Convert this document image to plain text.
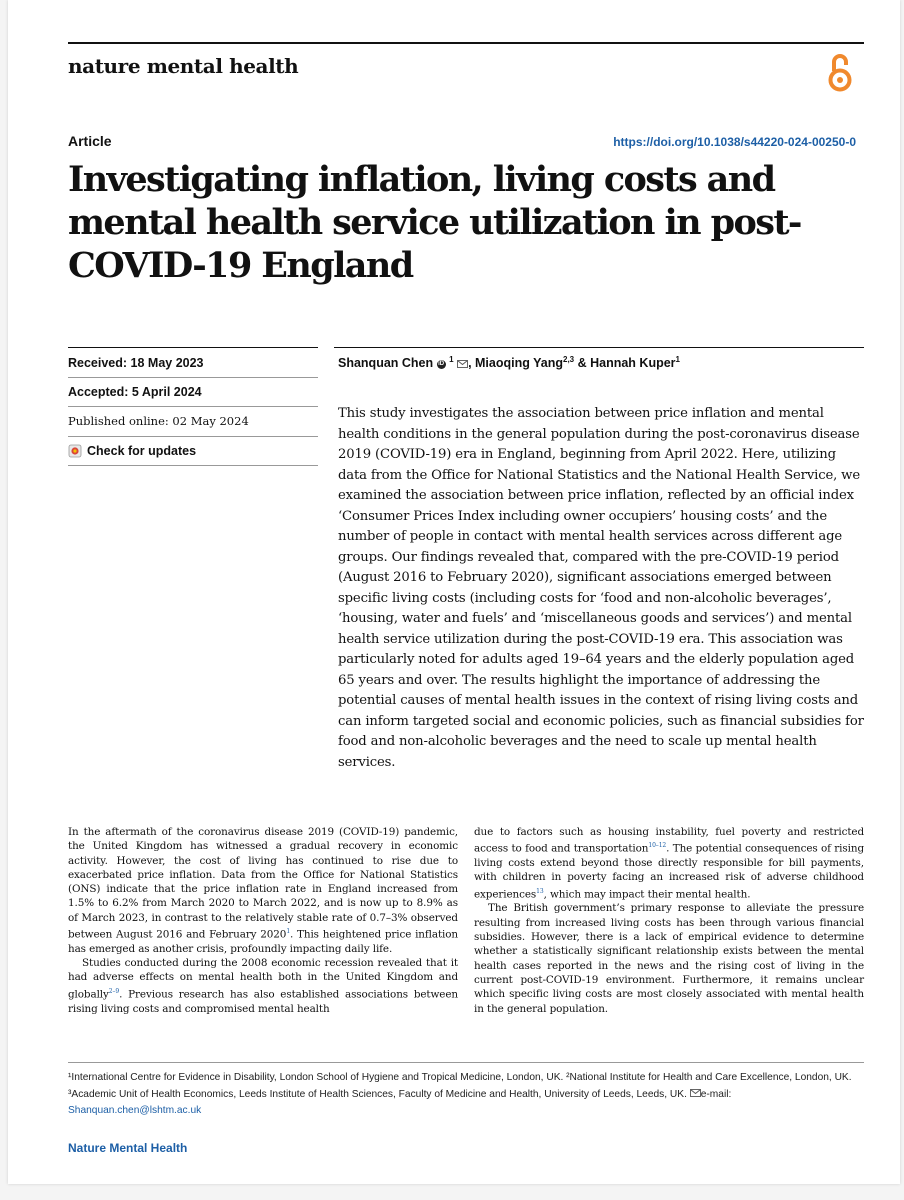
nature mental health
Article	https://doi.org/10.1038/s44220-024-00250-0
Investigating inflation, living costs and mental health service utilization in post-COVID-19 England
Received: 18 May 2023
Accepted: 5 April 2024
Published online: 02 May 2024
Check for updates
Shanquan Chen iD $^1$ , Miaoqing Yang$^{2,3}$ & Hannah Kuper$^1$

This study investigates the association between price inflation and mental health conditions in the general population during the post-coronavirus disease 2019 (COVID-19) era in England, beginning from April 2022. Here, utilizing data from the Office for National Statistics and the National Health Service, we examined the association between price inflation, reflected by an official index ‘Consumer Prices Index including owner occupiers’ housing costs’ and the number of people in contact with mental health services across different age groups. Our findings revealed that, compared with the pre-COVID-19 period (August 2016 to February 2020), significant associations emerged between specific living costs (including costs for ‘food and non-alcoholic beverages’, ‘housing, water and fuels’ and ‘miscellaneous goods and services’) and mental health service utilization during the post-COVID-19 era. This association was particularly noted for adults aged 19–64 years and the elderly population aged 65 years and over. The results highlight the importance of addressing the potential causes of mental health issues in the context of rising living costs and can inform targeted social and economic policies, such as financial subsidies for food and non-alcoholic beverages and the need to scale up mental health services.

In the aftermath of the coronavirus disease 2019 (COVID-19) pandemic, the United Kingdom has witnessed a gradual recovery in economic activity. However, the cost of living has continued to rise due to exacerbated price inflation. Data from the Office for National Statistics (ONS) indicate that the price inflation rate in England increased from 1.5% to 6.2% from March 2020 to March 2022, and is now up to 8.9% as of March 2023, in contrast to the relatively stable rate of 0.7–3% observed between August 2016 and February 2020$^1$. This heightened price inflation has emerged as another crisis, profoundly impacting daily life.

Studies conducted during the 2008 economic recession revealed that it had adverse effects on mental health both in the United Kingdom and globally$^{2-9}$. Previous research has also established associations between rising living costs and compromised mental health

due to factors such as housing instability, fuel poverty and restricted access to food and transportation$^{10-12}$. The potential consequences of rising living costs extend beyond those directly responsible for bill payments, with children in poverty facing an increased risk of adverse childhood experiences$^{13}$, which may impact their mental health.

The British government’s primary response to alleviate the pressure resulting from increased living costs has been through various financial subsidies. However, there is a lack of empirical evidence to determine whether a statistically significant relationship exists between the mental health cases reported in the news and the rising cost of living in the current post-COVID-19 environment. Furthermore, it remains unclear which specific living costs are most closely associated with mental health in the general population.

¹International Centre for Evidence in Disability, London School of Hygiene and Tropical Medicine, London, UK. ²National Institute for Health and Care Excellence, London, UK. ³Academic Unit of Health Economics, Leeds Institute of Health Sciences, Faculty of Medicine and Health, University of Leeds, Leeds, UK. e-mail: Shanquan.chen@lshtm.ac.uk
Nature Mental Health
